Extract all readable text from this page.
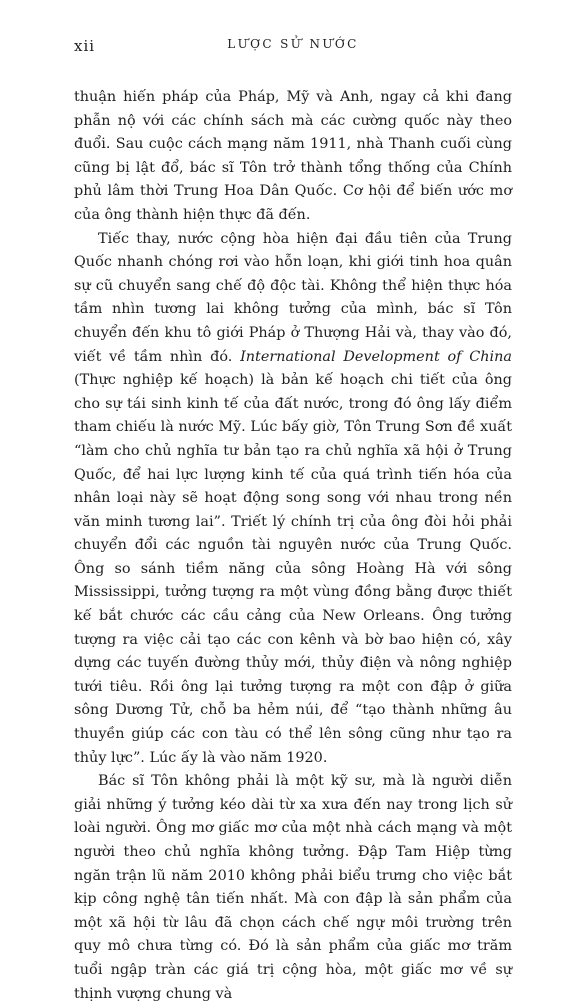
xii	LƯỢC SỬ NƯỚC

thuận hiến pháp của Pháp, Mỹ và Anh, ngay cả khi đang phẫn nộ với các chính sách mà các cường quốc này theo đuổi. Sau cuộc cách mạng năm 1911, nhà Thanh cuối cùng cũng bị lật đổ, bác sĩ Tôn trở thành tổng thống của Chính phủ lâm thời Trung Hoa Dân Quốc. Cơ hội để biến ước mơ của ông thành hiện thực đã đến.

Tiếc thay, nước cộng hòa hiện đại đầu tiên của Trung Quốc nhanh chóng rơi vào hỗn loạn, khi giới tinh hoa quân sự cũ chuyển sang chế độ độc tài. Không thể hiện thực hóa tầm nhìn tương lai không tưởng của mình, bác sĩ Tôn chuyển đến khu tô giới Pháp ở Thượng Hải và, thay vào đó, viết về tầm nhìn đó. International Development of China (Thực nghiệp kế hoạch) là bản kế hoạch chi tiết của ông cho sự tái sinh kinh tế của đất nước, trong đó ông lấy điểm tham chiếu là nước Mỹ. Lúc bấy giờ, Tôn Trung Sơn đề xuất “làm cho chủ nghĩa tư bản tạo ra chủ nghĩa xã hội ở Trung Quốc, để hai lực lượng kinh tế của quá trình tiến hóa của nhân loại này sẽ hoạt động song song với nhau trong nền văn minh tương lai”. Triết lý chính trị của ông đòi hỏi phải chuyển đổi các nguồn tài nguyên nước của Trung Quốc. Ông so sánh tiềm năng của sông Hoàng Hà với sông Mississippi, tưởng tượng ra một vùng đồng bằng được thiết kế bắt chước các cầu cảng của New Orleans. Ông tưởng tượng ra việc cải tạo các con kênh và bờ bao hiện có, xây dựng các tuyến đường thủy mới, thủy điện và nông nghiệp tưới tiêu. Rồi ông lại tưởng tượng ra một con đập ở giữa sông Dương Tử, chỗ ba hẻm núi, để “tạo thành những âu thuyền giúp các con tàu có thể lên sông cũng như tạo ra thủy lực”. Lúc ấy là vào năm 1920.

Bác sĩ Tôn không phải là một kỹ sư, mà là người diễn giải những ý tưởng kéo dài từ xa xưa đến nay trong lịch sử loài người. Ông mơ giấc mơ của một nhà cách mạng và một người theo chủ nghĩa không tưởng. Đập Tam Hiệp từng ngăn trận lũ năm 2010 không phải biểu trưng cho việc bắt kịp công nghệ tân tiến nhất. Mà con đập là sản phẩm của một xã hội từ lâu đã chọn cách chế ngự môi trường trên quy mô chưa từng có. Đó là sản phẩm của giấc mơ trăm tuổi ngập tràn các giá trị cộng hòa, một giấc mơ về sự thịnh vượng chung và
